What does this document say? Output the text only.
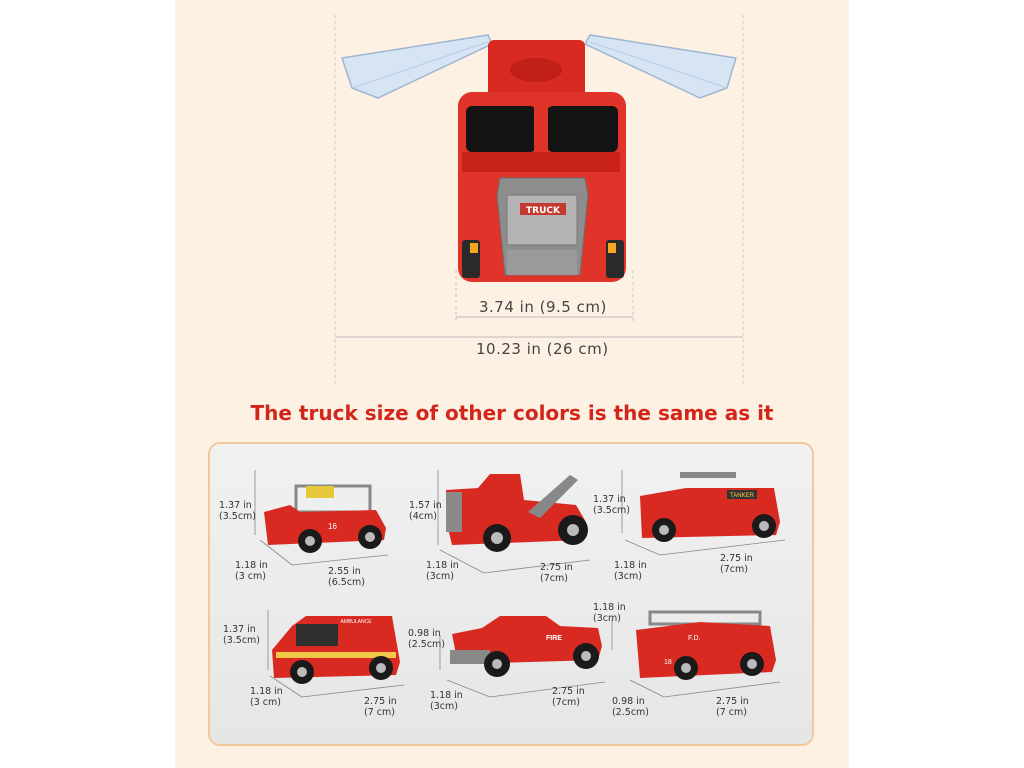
TRUCK
3.74 in (9.5 cm)
10.23 in (26 cm)
The truck size of other colors is the same as it
16
TANKER
AMBULANCE
FIRE	F.D.
18
1.37 in
(3.5cm)
1.18 in
(3 cm)	2.55 in
(6.5cm)
1.57 in
(4cm)
1.18 in
(3cm)
2.75 in
(7cm)
1.37 in
(3.5cm)
1.18 in
(3cm)
2.75 in
(7cm)
1.37 in
(3.5cm)
1.18 in
(3 cm)	2.75 in
(7 cm)
0.98 in
(2.5cm)
1.18 in
(3cm)
2.75 in
(7cm)
1.18 in
(3cm)
0.98 in
(2.5cm)
2.75 in
(7 cm)
